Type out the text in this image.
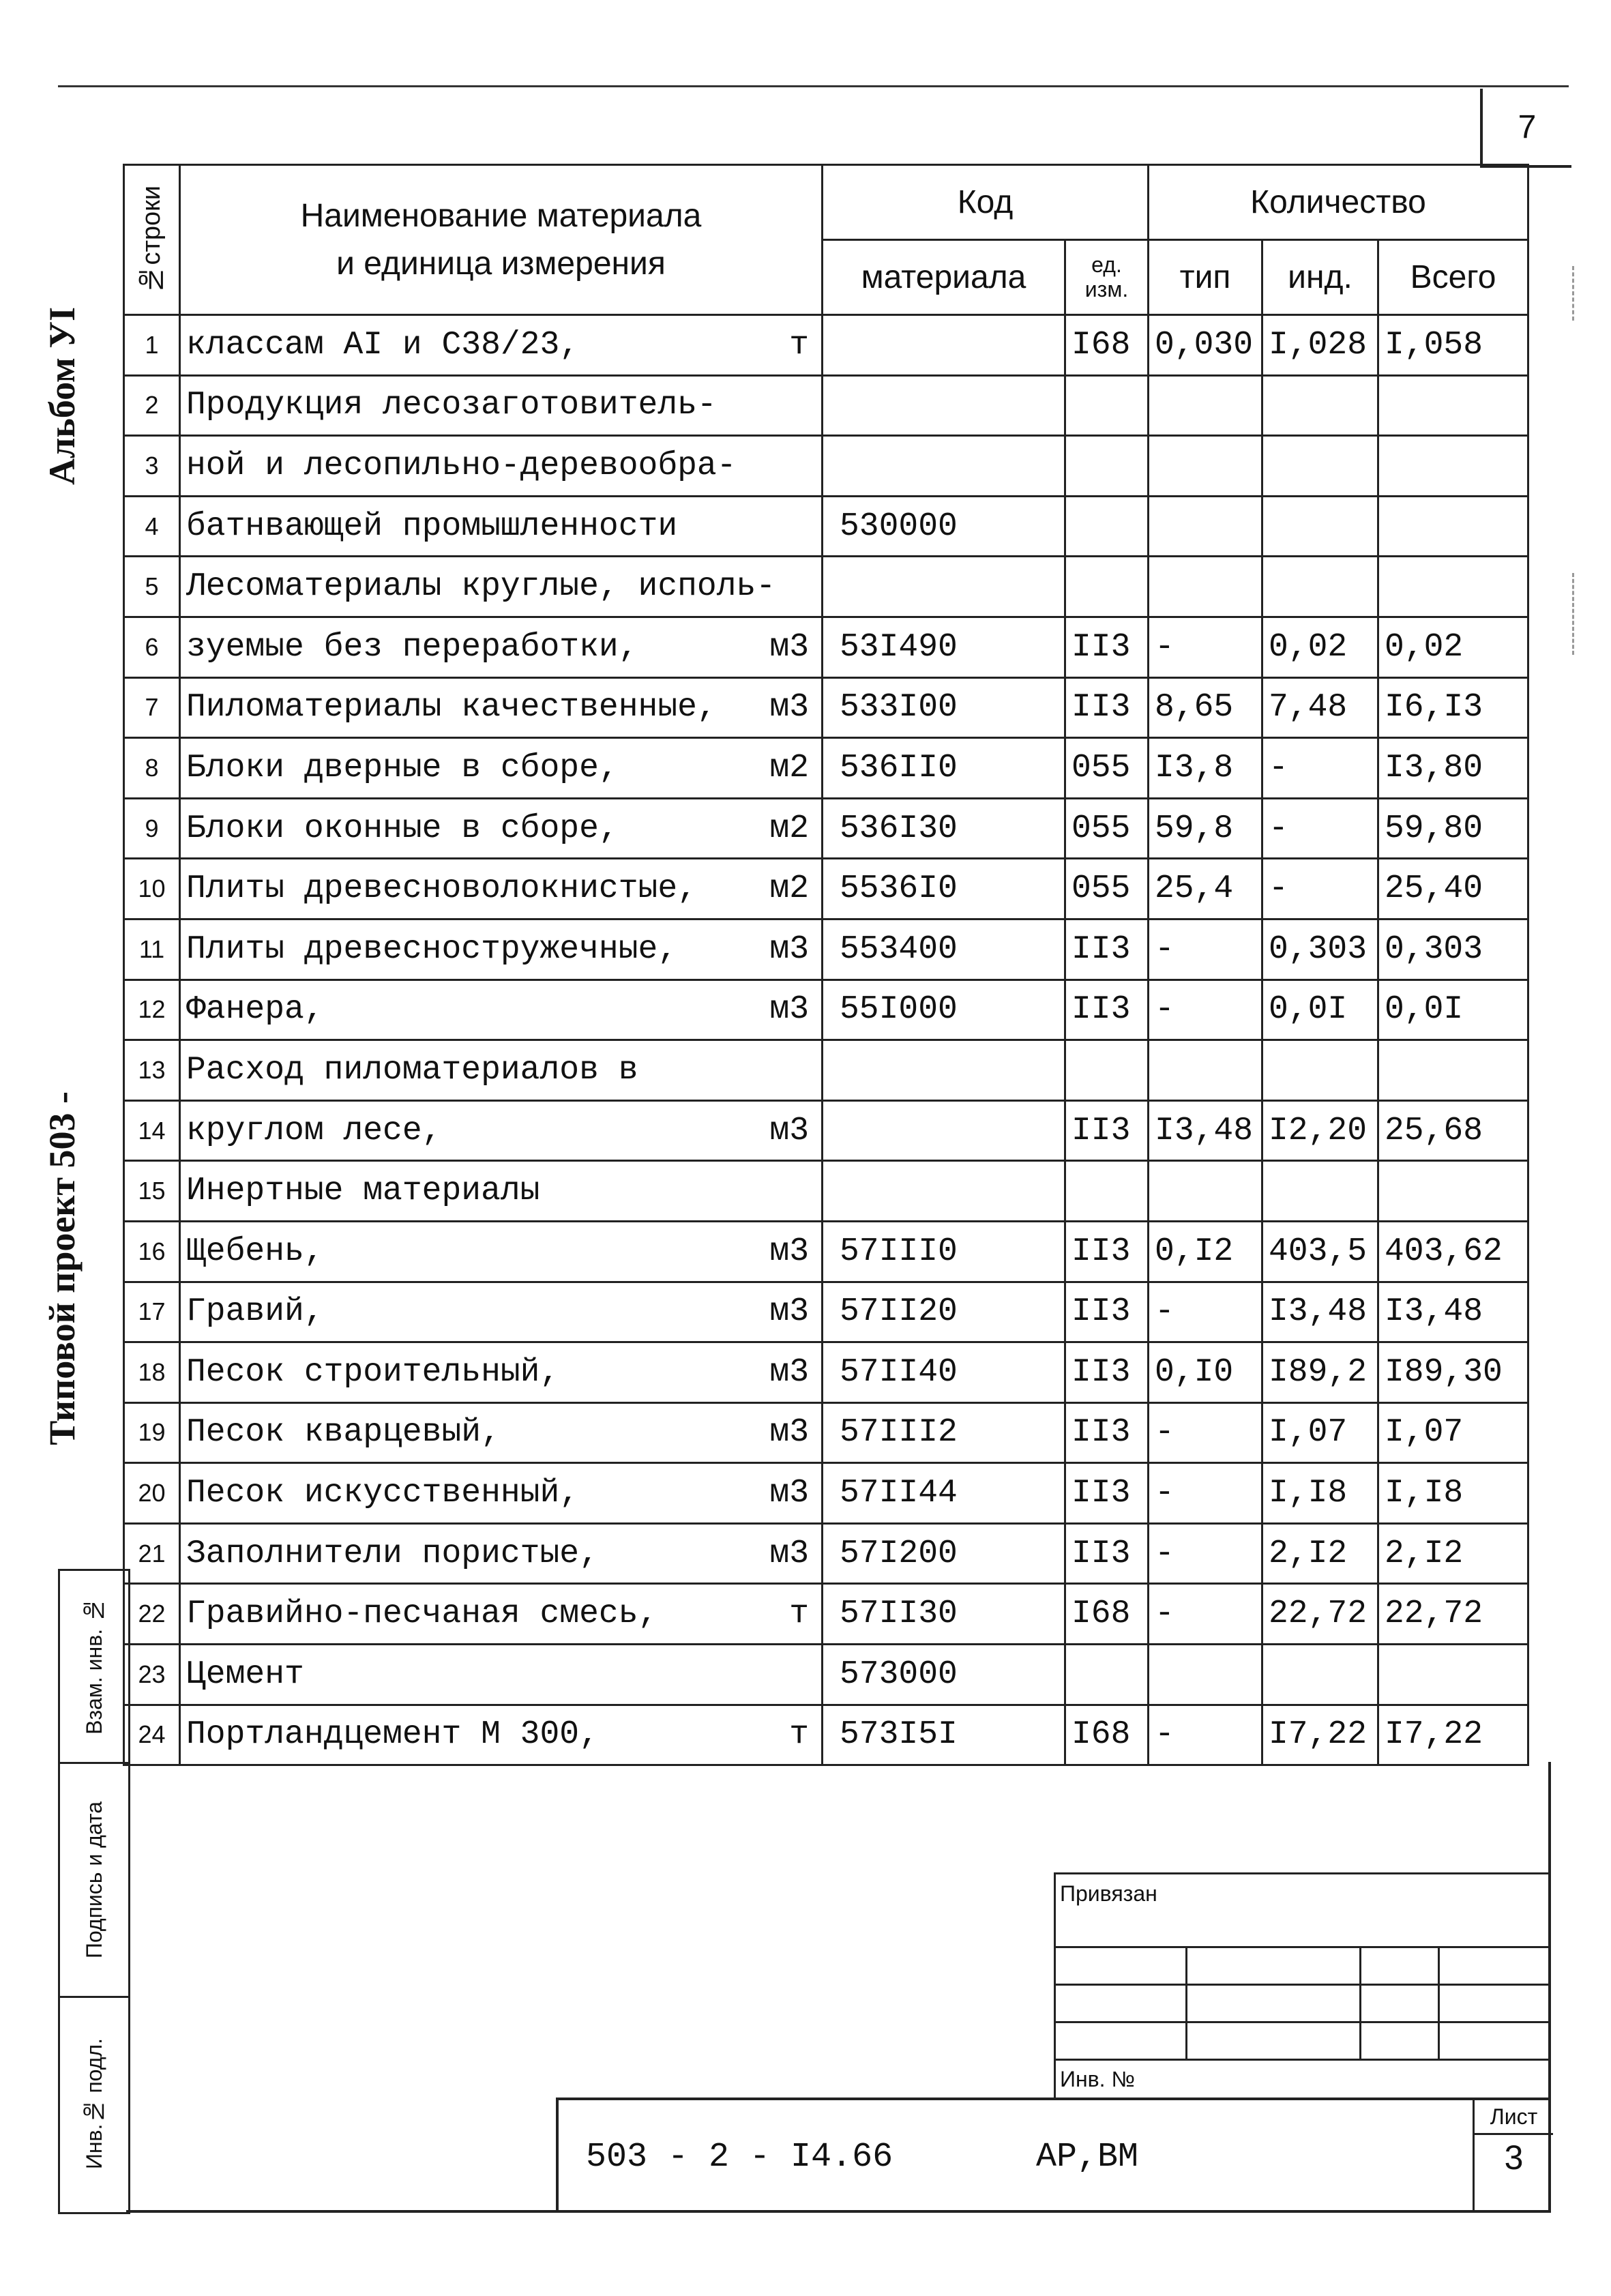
7
Альбом УI
Типовой проект 503 -
Взам. инв. №
Подпись и дата
Инв.№ подл.
№строки	Наименование материала
и единица измерения	Код		Количество		
		материала	ед.
изм.	тип	инд.	Всего
1	классам АI и С38/23, т		I68	0,030	I,028	I,058
2	Продукция лесозаготовитель-					

3	ной и лесопильно-деревообра-					

4	батнвающей промышленности	530000				
5	Лесоматериалы круглые, исполь-					

6	зуемые без переработки, м3	53I490	II3	-	0,02	0,02
7	Пиломатериалы качественные, м3	533I00	II3	8,65	7,48	I6,I3
8	Блоки дверные в сборе, м2	536II0	055	I3,8	-	I3,80
9	Блоки оконные в сборе, м2	536I30	055	59,8	-	59,80
10	Плиты древесноволокнистые, м2	5536I0	055	25,4	-	25,40
11	Плиты древесностружечные, м3	553400	II3	-	0,303	0,303
12	Фанера, м3	55I000	II3	-	0,0I	0,0I
13	Расход пиломатериалов в					

14	круглом лесе, м3		II3	I3,48	I2,20	25,68
15	Инертные материалы					

16	Щебень, м3	57III0	II3	0,I2	403,5	403,62
17	Гравий, м3	57II20	II3	-	I3,48	I3,48
18	Песок строительный, м3	57II40	II3	0,I0	I89,2	I89,30
19	Песок кварцевый, м3	57III2	II3	-	I,07	I,07
20	Песок искусственный, м3	57II44	II3	-	I,I8	I,I8
21	Заполнители пористые, м3	57I200	II3	-	2,I2	2,I2
22	Гравийно-песчаная смесь, т	57II30	I68	-	22,72	22,72
23	Цемент	573000				
24	Портландцемент М 300, т	573I5I	I68	-	I7,22	I7,22
Привязан
Инв. №
503 - 2 - I4.66	АР,ВМ
Лист
3
